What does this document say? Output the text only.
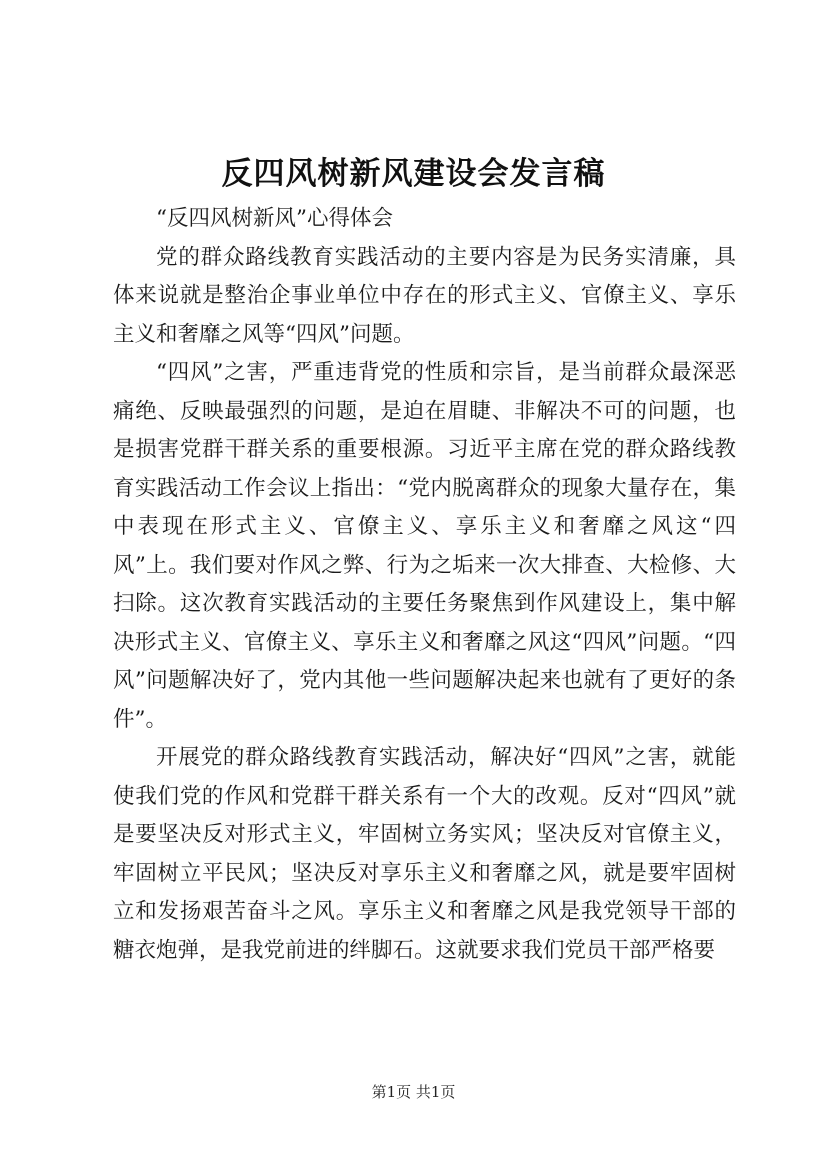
反四风树新风建设会发言稿

“反四风树新风”心得体会

党的群众路线教育实践活动的主要内容是为民务实清廉，具体来说就是整治企事业单位中存在的形式主义、官僚主义、享乐主义和奢靡之风等“四风”问题。

“四风”之害，严重违背党的性质和宗旨，是当前群众最深恶痛绝、反映最强烈的问题，是迫在眉睫、非解决不可的问题，也是损害党群干群关系的重要根源。习近平主席在党的群众路线教育实践活动工作会议上指出：“党内脱离群众的现象大量存在，集中表现在形式主义、官僚主义、享乐主义和奢靡之风这“四风”上。我们要对作风之弊、行为之垢来一次大排查、大检修、大扫除。这次教育实践活动的主要任务聚焦到作风建设上，集中解决形式主义、官僚主义、享乐主义和奢靡之风这“四风”问题。“四风”问题解决好了，党内其他一些问题解决起来也就有了更好的条件”。

开展党的群众路线教育实践活动，解决好“四风”之害，就能使我们党的作风和党群干群关系有一个大的改观。反对“四风”就是要坚决反对形式主义，牢固树立务实风；坚决反对官僚主义，牢固树立平民风；坚决反对享乐主义和奢靡之风，就是要牢固树立和发扬艰苦奋斗之风。享乐主义和奢靡之风是我党领导干部的糖衣炮弹，是我党前进的绊脚石。这就要求我们党员干部严格要

第1页 共1页
